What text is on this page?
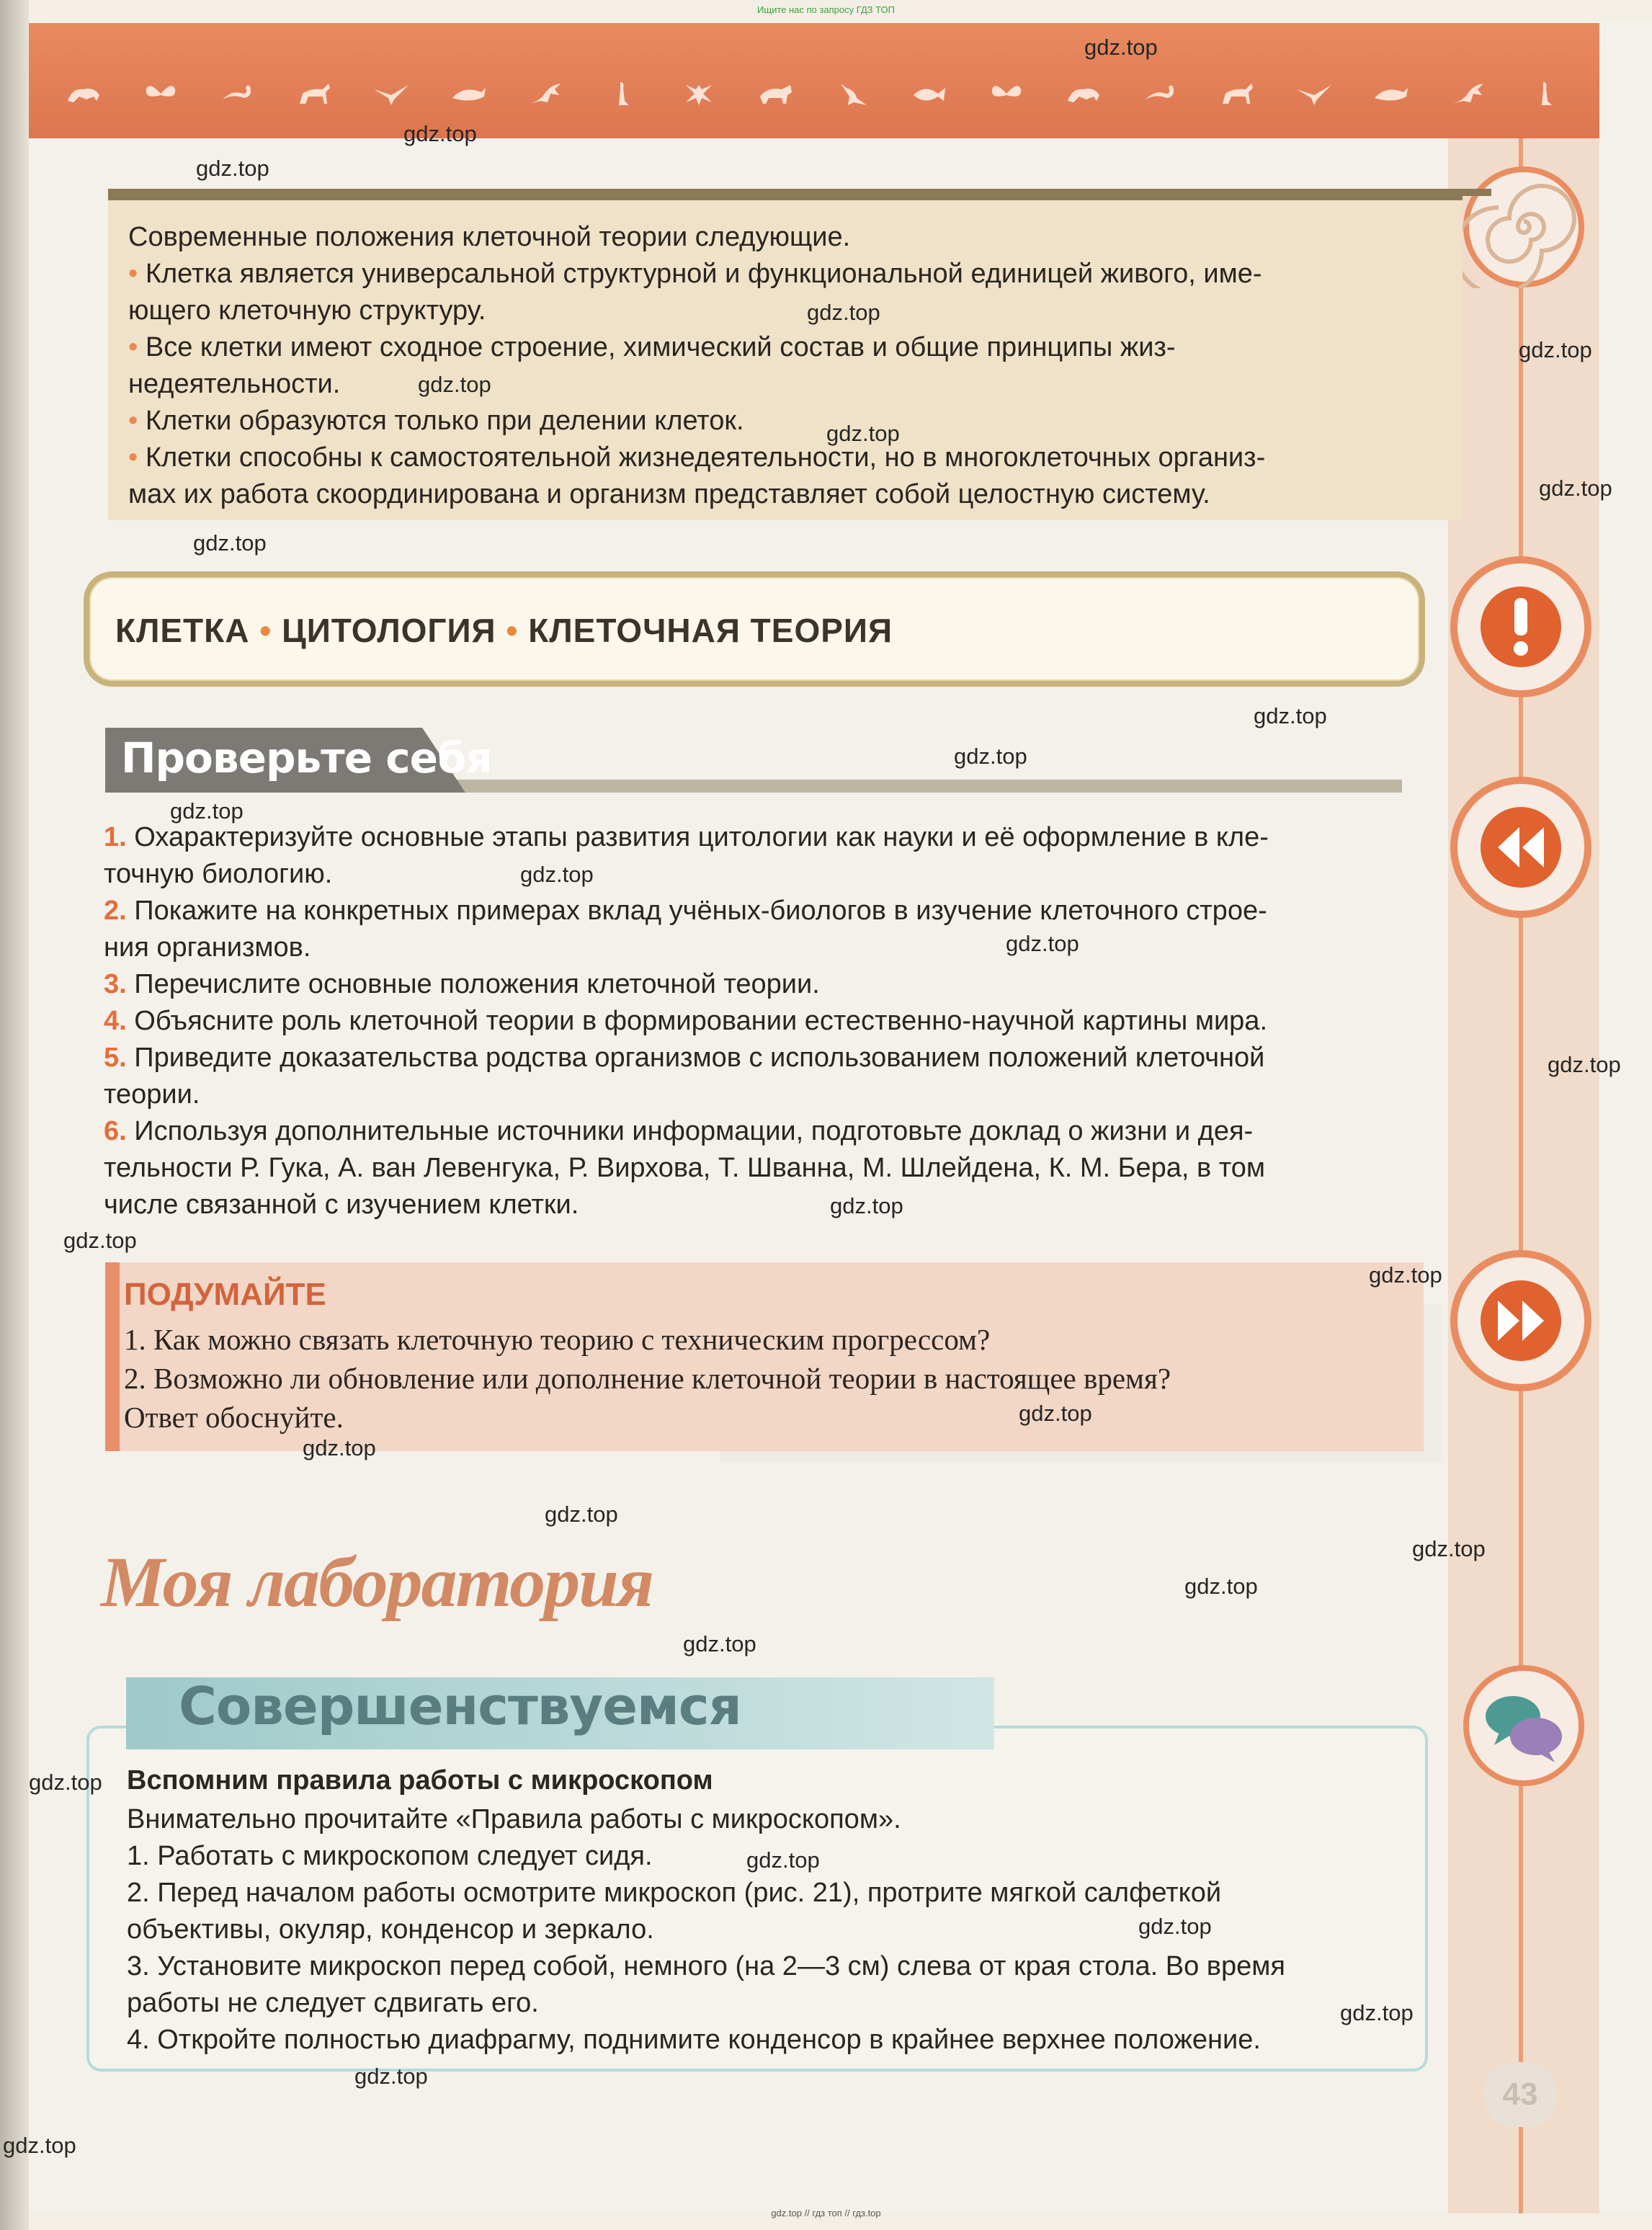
Ищите нас по запросу ГДЗ ТОП
Современные положения клеточной теории следующие.
• Клетка является универсальной структурной и функциональной единицей живого, име-
ющего клеточную структуру.
• Все клетки имеют сходное строение, химический состав и общие принципы жиз-
недеятельности.
• Клетки образуются только при делении клеток.
• Клетки способны к самостоятельной жизнедеятельности, но в многоклеточных организ-
мах их работа скоординирована и организм представляет собой целостную систему.
КЛЕТКА • ЦИТОЛОГИЯ • КЛЕТОЧНАЯ ТЕОРИЯ
Проверьте себя
1. Охарактеризуйте основные этапы развития цитологии как науки и её оформление в кле-
точную биологию.
2. Покажите на конкретных примерах вклад учёных-биологов в изучение клеточного строе-
ния организмов.
3. Перечислите основные положения клеточной теории.
4. Объясните роль клеточной теории в формировании естественно-научной картины мира.
5. Приведите доказательства родства организмов с использованием положений клеточной
теории.
6. Используя дополнительные источники информации, подготовьте доклад о жизни и дея-
тельности Р. Гука, А. ван Левенгука, Р. Вирхова, Т. Шванна, М. Шлейдена, К. М. Бера, в том
числе связанной с изучением клетки.
ПОДУМАЙТЕ
1. Как можно связать клеточную теорию с техническим прогрессом?
2. Возможно ли обновление или дополнение клеточной теории в настоящее время?
Ответ обоснуйте.
Моя лаборатория
Совершенствуемся
Вспомним правила работы с микроскопом
Внимательно прочитайте «Правила работы с микроскопом».
1. Работать с микроскопом следует сидя.
2. Перед началом работы осмотрите микроскоп (рис. 21), протрите мягкой салфеткой
объективы, окуляр, конденсор и зеркало.
3. Установите микроскоп перед собой, немного (на 2—3 см) слева от края стола. Во время
работы не следует сдвигать его.
4. Откройте полностью диафрагму, поднимите конденсор в крайнее верхнее положение.
43
gdz.top
gdz.top
gdz.top
gdz.top
gdz.top
gdz.top
gdz.top
gdz.top
gdz.top
gdz.top
gdz.top
gdz.top
gdz.top
gdz.top
gdz.top
gdz.top
gdz.top
gdz.top
gdz.top
gdz.top
gdz.top
gdz.top
gdz.top
gdz.top
gdz.top
gdz.top
gdz.top
gdz.top
gdz.top
gdz.top
gdz.top // гдз топ // гдз.top
